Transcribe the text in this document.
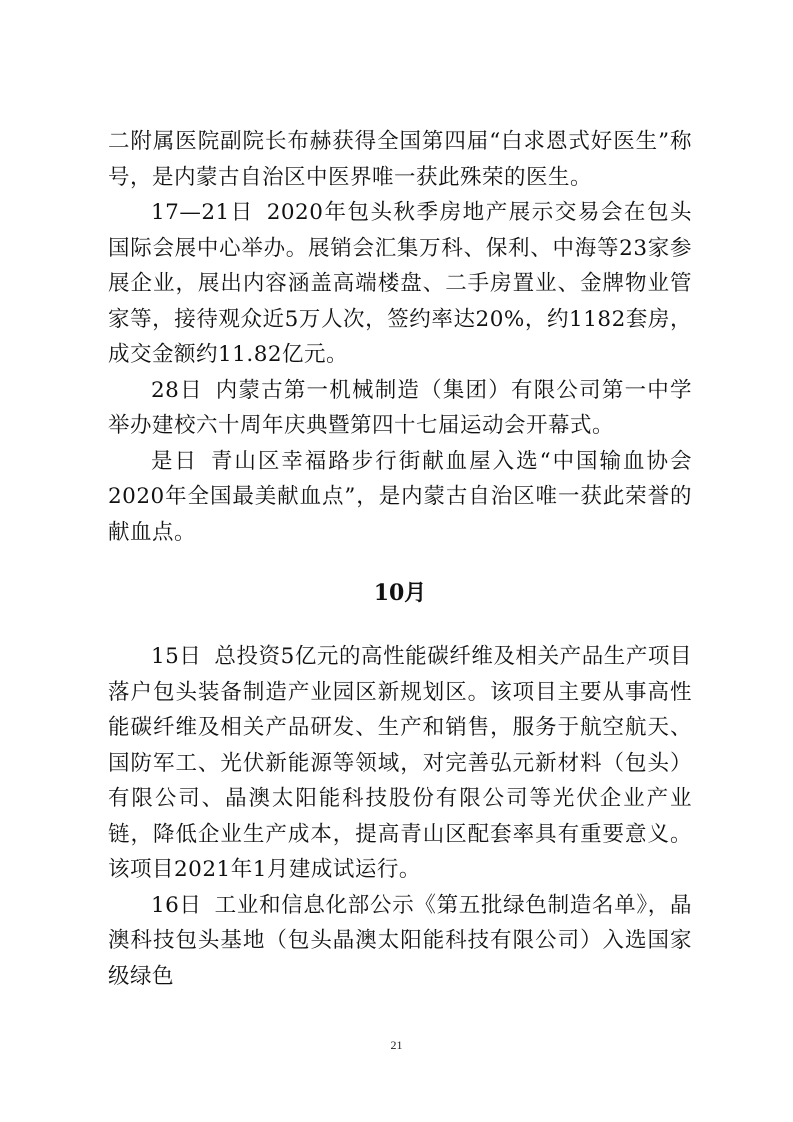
二附属医院副院长布赫获得全国第四届“白求恩式好医生”称号，是内蒙古自治区中医界唯一获此殊荣的医生。

17—21日 2020年包头秋季房地产展示交易会在包头国际会展中心举办。展销会汇集万科、保利、中海等23家参展企业，展出内容涵盖高端楼盘、二手房置业、金牌物业管家等，接待观众近5万人次，签约率达20%，约1182套房，成交金额约11.82亿元。

28日 内蒙古第一机械制造（集团）有限公司第一中学举办建校六十周年庆典暨第四十七届运动会开幕式。

是日 青山区幸福路步行街献血屋入选“中国输血协会2020年全国最美献血点”，是内蒙古自治区唯一获此荣誉的献血点。

10月

15日 总投资5亿元的高性能碳纤维及相关产品生产项目落户包头装备制造产业园区新规划区。该项目主要从事高性能碳纤维及相关产品研发、生产和销售，服务于航空航天、国防军工、光伏新能源等领域，对完善弘元新材料（包头）有限公司、晶澳太阳能科技股份有限公司等光伏企业产业链，降低企业生产成本，提高青山区配套率具有重要意义。该项目2021年1月建成试运行。

16日 工业和信息化部公示《第五批绿色制造名单》，晶澳科技包头基地（包头晶澳太阳能科技有限公司）入选国家级绿色

21
